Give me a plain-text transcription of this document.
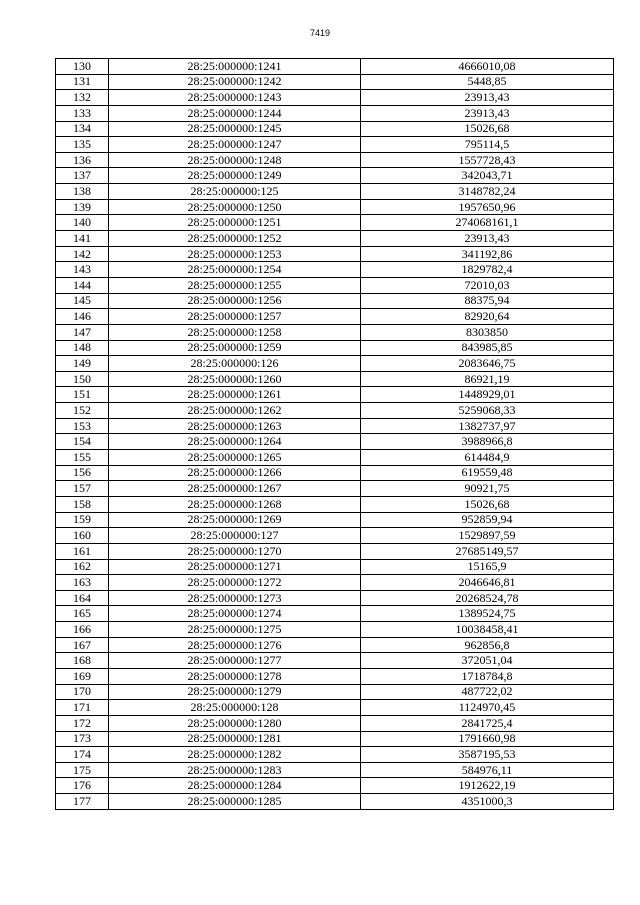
7419
130	28:25:000000:1241	4666010,08
131	28:25:000000:1242	5448,85
132	28:25:000000:1243	23913,43
133	28:25:000000:1244	23913,43
134	28:25:000000:1245	15026,68
135	28:25:000000:1247	795114,5
136	28:25:000000:1248	1557728,43
137	28:25:000000:1249	342043,71
138	28:25:000000:125	3148782,24
139	28:25:000000:1250	1957650,96
140	28:25:000000:1251	274068161,1
141	28:25:000000:1252	23913,43
142	28:25:000000:1253	341192,86
143	28:25:000000:1254	1829782,4
144	28:25:000000:1255	72010,03
145	28:25:000000:1256	88375,94
146	28:25:000000:1257	82920,64
147	28:25:000000:1258	8303850
148	28:25:000000:1259	843985,85
149	28:25:000000:126	2083646,75
150	28:25:000000:1260	86921,19
151	28:25:000000:1261	1448929,01
152	28:25:000000:1262	5259068,33
153	28:25:000000:1263	1382737,97
154	28:25:000000:1264	3988966,8
155	28:25:000000:1265	614484,9
156	28:25:000000:1266	619559,48
157	28:25:000000:1267	90921,75
158	28:25:000000:1268	15026,68
159	28:25:000000:1269	952859,94
160	28:25:000000:127	1529897,59
161	28:25:000000:1270	27685149,57
162	28:25:000000:1271	15165,9
163	28:25:000000:1272	2046646,81
164	28:25:000000:1273	20268524,78
165	28:25:000000:1274	1389524,75
166	28:25:000000:1275	10038458,41
167	28:25:000000:1276	962856,8
168	28:25:000000:1277	372051,04
169	28:25:000000:1278	1718784,8
170	28:25:000000:1279	487722,02
171	28:25:000000:128	1124970,45
172	28:25:000000:1280	2841725,4
173	28:25:000000:1281	1791660,98
174	28:25:000000:1282	3587195,53
175	28:25:000000:1283	584976,11
176	28:25:000000:1284	1912622,19
177	28:25:000000:1285	4351000,3
